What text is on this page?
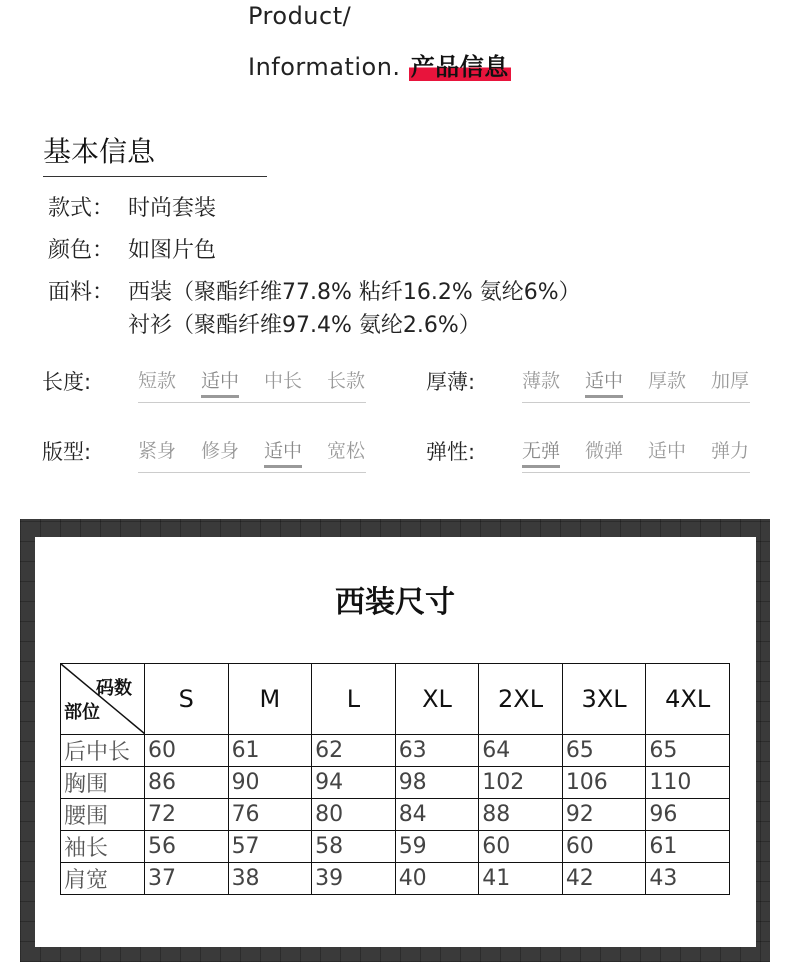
Product/
Information. 产品信息
基本信息
款式： 时尚套装
颜色： 如图片色
面料： 西装（聚酯纤维77.8% 粘纤16.2% 氨纶6%）
衬衫（聚酯纤维97.4% 氨纶2.6%）
长度: 短款 适中 中长 长款	厚薄: 薄款 适中 厚款 加厚
版型: 紧身 修身 适中 宽松	弹性: 无弹 微弹 适中 弹力
西装尺寸
码数
部位	S	M	L	XL	2XL	3XL	4XL
后中长	60	61	62	63	64	65	65
胸围	86	90	94	98	102	106	110
腰围	72	76	80	84	88	92	96
袖长	56	57	58	59	60	60	61
肩宽	37	38	39	40	41	42	43
